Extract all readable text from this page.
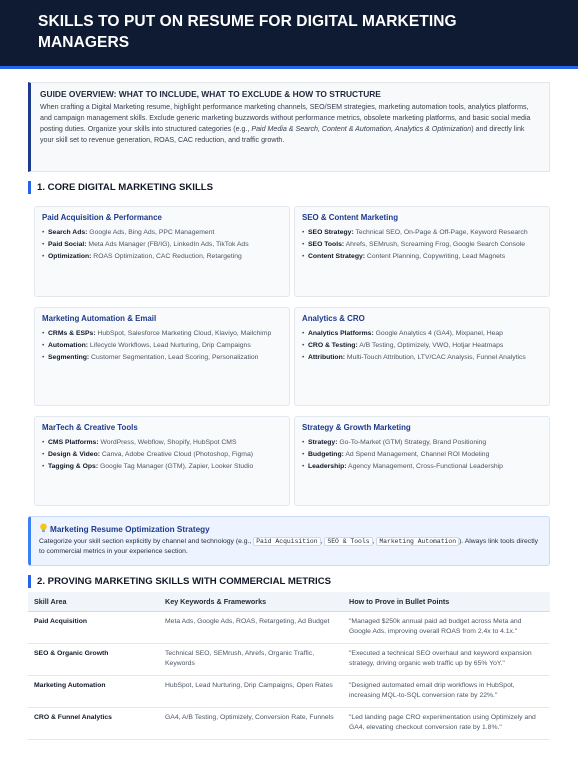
SKILLS TO PUT ON RESUME FOR DIGITAL MARKETING MANAGERS
GUIDE OVERVIEW: WHAT TO INCLUDE, WHAT TO EXCLUDE & HOW TO STRUCTURE

When crafting a Digital Marketing resume, highlight performance marketing channels, SEO/SEM strategies, marketing automation tools, analytics platforms, and campaign management skills. Exclude generic marketing buzzwords without performance metrics, obsolete marketing platforms, and basic social media posting duties. Organize your skills into structured categories (e.g., Paid Media & Search, Content & Automation, Analytics & Optimization) and directly link your skill set to revenue generation, ROAS, CAC reduction, and traffic growth.

1. CORE DIGITAL MARKETING SKILLS
Paid Acquisition & Performance
• Search Ads: Google Ads, Bing Ads, PPC Management
• Paid Social: Meta Ads Manager (FB/IG), LinkedIn Ads, TikTok Ads
• Optimization: ROAS Optimization, CAC Reduction, Retargeting
SEO & Content Marketing
• SEO Strategy: Technical SEO, On-Page & Off-Page, Keyword Research
• SEO Tools: Ahrefs, SEMrush, Screaming Frog, Google Search Console
• Content Strategy: Content Planning, Copywriting, Lead Magnets
Marketing Automation & Email
• CRMs & ESPs: HubSpot, Salesforce Marketing Cloud, Klaviyo, Mailchimp
• Automation: Lifecycle Workflows, Lead Nurturing, Drip Campaigns
• Segmenting: Customer Segmentation, Lead Scoring, Personalization
Analytics & CRO
• Analytics Platforms: Google Analytics 4 (GA4), Mixpanel, Heap
• CRO & Testing: A/B Testing, Optimizely, VWO, Hotjar Heatmaps
• Attribution: Multi-Touch Attribution, LTV/CAC Analysis, Funnel Analytics
MarTech & Creative Tools
• CMS Platforms: WordPress, Webflow, Shopify, HubSpot CMS
• Design & Video: Canva, Adobe Creative Cloud (Photoshop, Figma)
• Tagging & Ops: Google Tag Manager (GTM), Zapier, Looker Studio
Strategy & Growth Marketing
• Strategy: Go-To-Market (GTM) Strategy, Brand Positioning
• Budgeting: Ad Spend Management, Channel ROI Modeling
• Leadership: Agency Management, Cross-Functional Leadership
Marketing Resume Optimization Strategy

Categorize your skill section explicitly by channel and technology (e.g., Paid Acquisition , SEO & Tools , Marketing Automation ). Always link tools directly to commercial metrics in your experience section.

2. PROVING MARKETING SKILLS WITH COMMERCIAL METRICS
Skill Area	Key Keywords & Frameworks	How to Prove in Bullet Points
Paid Acquisition	Meta Ads, Google Ads, ROAS, Retargeting, Ad Budget	"Managed $250k annual paid ad budget across Meta and Google Ads, improving overall ROAS from 2.4x to 4.1x."
SEO & Organic Growth	Technical SEO, SEMrush, Ahrefs, Organic Traffic, Keywords	"Executed a technical SEO overhaul and keyword expansion strategy, driving organic web traffic up by 65% YoY."
Marketing Automation	HubSpot, Lead Nurturing, Drip Campaigns, Open Rates	"Designed automated email drip workflows in HubSpot, increasing MQL-to-SQL conversion rate by 22%."
CRO & Funnel Analytics	GA4, A/B Testing, Optimizely, Conversion Rate, Funnels	"Led landing page CRO experimentation using Optimizely and GA4, elevating checkout conversion rate by 1.8%."
